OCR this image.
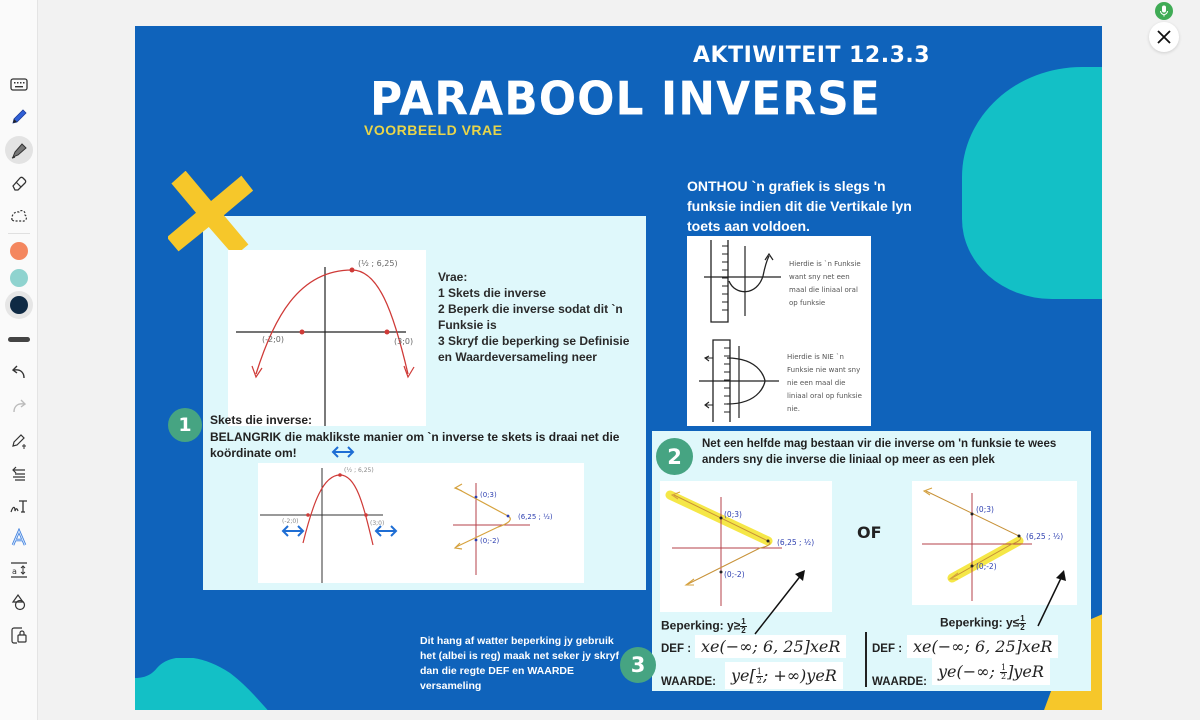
a
AKTIWITEIT 12.3.3
PARABOOL INVERSE
VOORBEELD VRAE
(½ ; 6,25)
(-2;0)	(3;0)
Vrae:
1 Skets die inverse
2 Beperk die inverse sodat dit `n Funksie is
3 Skryf die beperking se Definisie en Waardeversameling neer
1	Skets die inverse:
BELANGRIK die maklikste manier om `n inverse te skets is draai net die koördinate om!
(½ ; 6,25)
(-2;0)	(3;0)
(0;3)
(6,25 ; ½)
(0;-2)
ONTHOU `n grafiek is slegs 'n funksie indien dit die Vertikale lyn toets aan voldoen.
Hierdie is `n Funksie want sny net een maal die liniaal oral op funksie
Hierdie is NIE `n Funksie nie want sny nie een maal die liniaal oral op funksie nie.
2
Net een helfde mag bestaan vir die inverse om 'n funksie te wees anders sny die inverse die liniaal op meer as een plek
(0;3)
(6,25 ; ½)
(0;-2)
OF
(0;3)
(6,25 ; ½)
(0;-2)
Beperking: $y\ge \frac{1}{2}$	Beperking: $y\le \frac{1}{2}$
3
DEF : xe(−∞; 6, 25]xeR
WAARDE: $ye[ \frac{1}{2}$ ; +∞)yeR
DEF : xe(−∞; 6, 25]xeR
WAARDE:
ye(−∞; $\frac{1}{2} ]yeR$
Dit hang af watter beperking jy gebruik het (albei is reg) maak net seker jy skryf dan die regte DEF en WAARDE versameling
